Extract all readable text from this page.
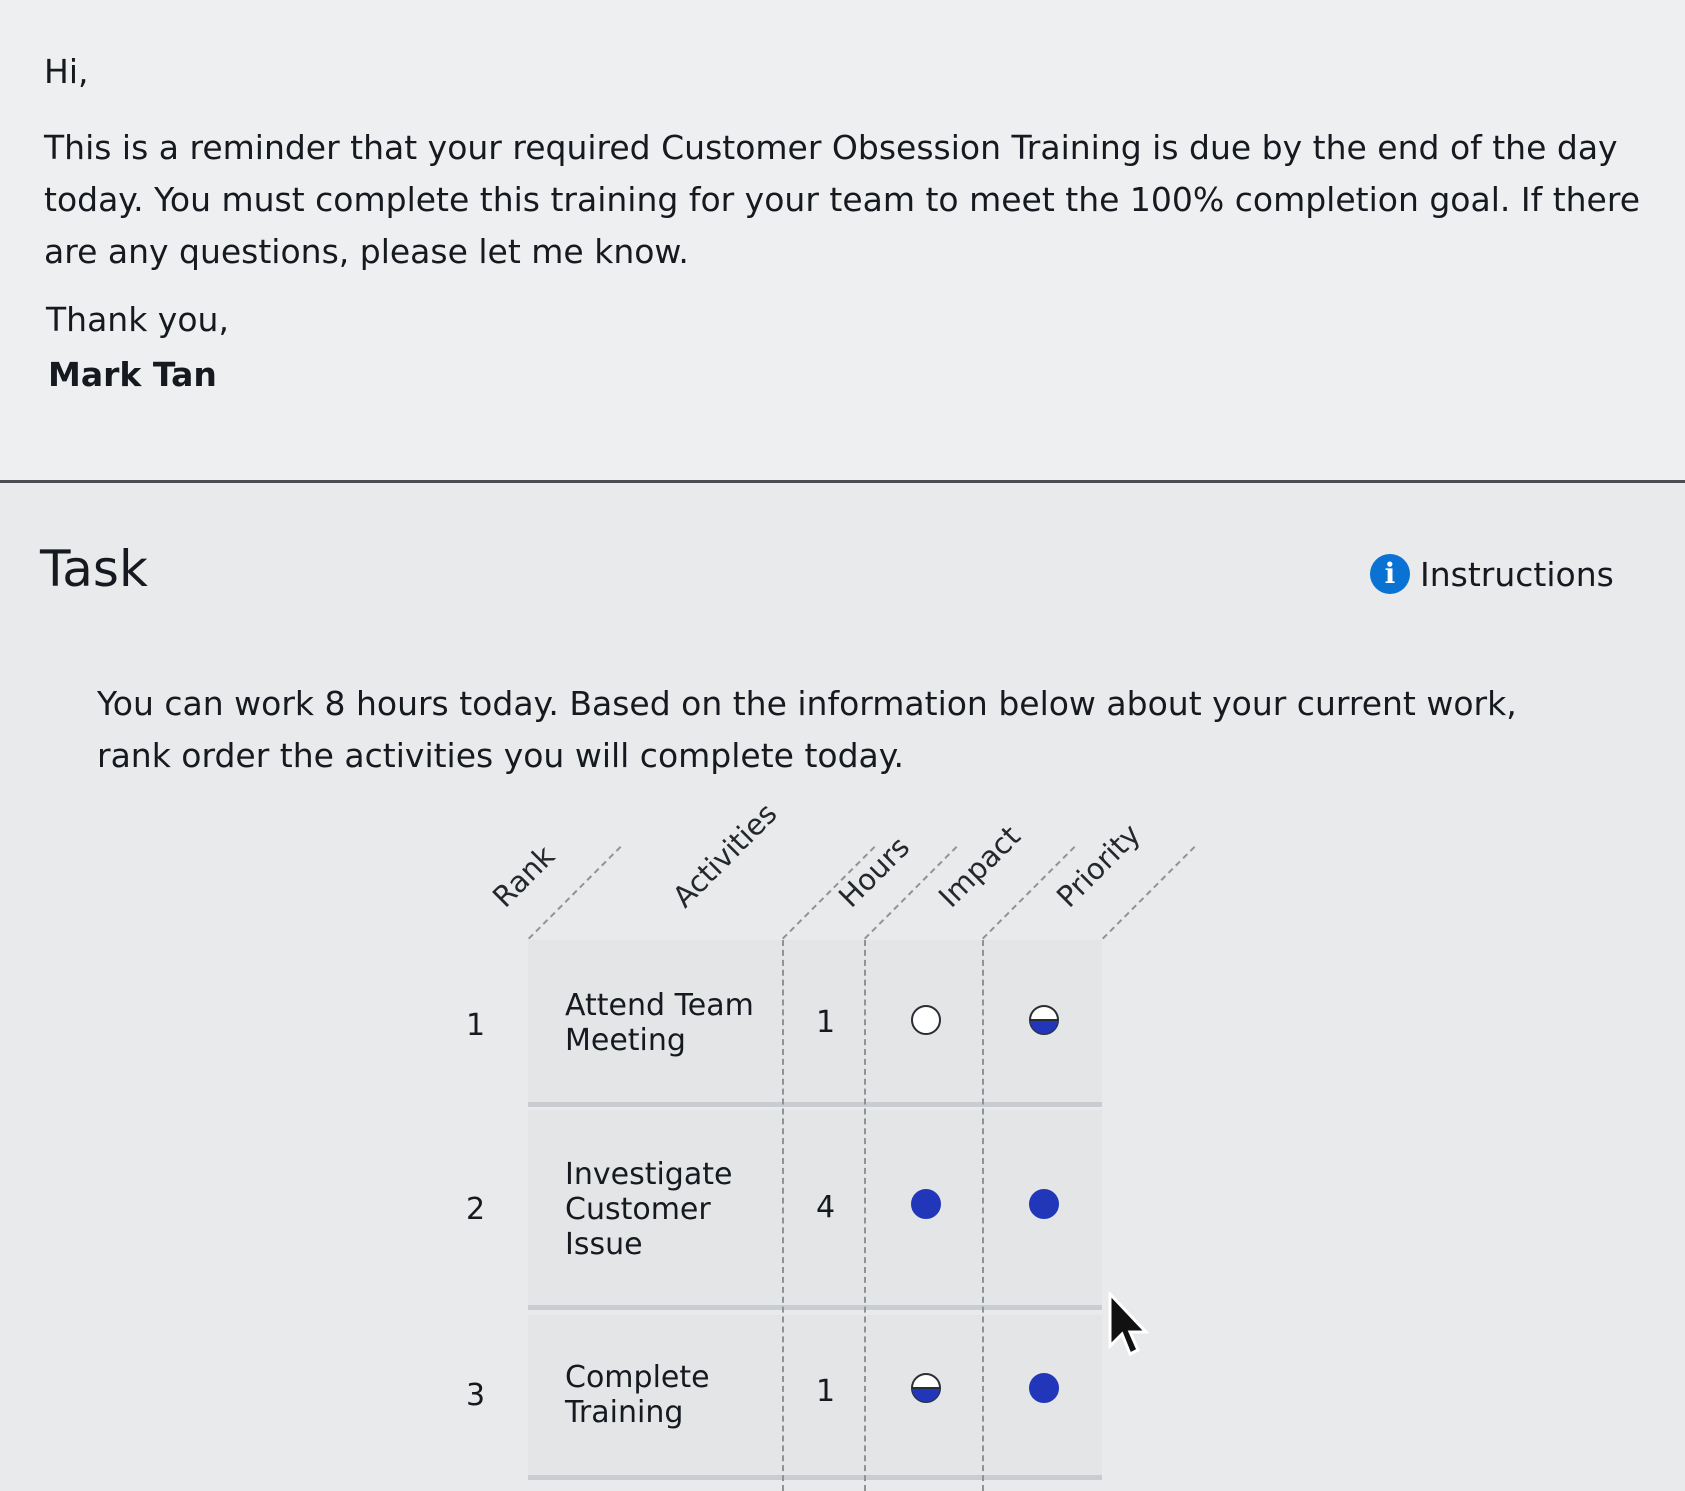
Hi,

This is a reminder that your required Customer Obsession Training is due by the end of the day today. You must complete this training for your team to meet the 100% completion goal. If there are any questions, please let me know.

Thank you,
Mark Tan
Task	i Instructions

You can work 8 hours today. Based on the information below about your current work, rank order the activities you will complete today.

Rank	Activities Hours Impact Priority
1
Attend Team Meeting
1
2
Investigate Customer Issue
4
3
Complete Training
1
